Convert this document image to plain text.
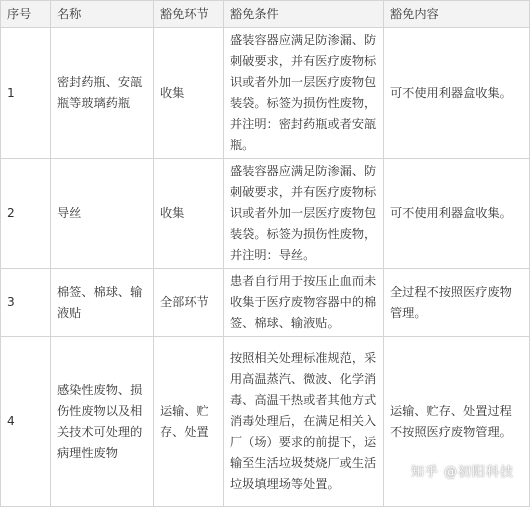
序号	名称	豁免环节	豁免条件	豁免内容
1	密封药瓶、安瓿瓶等玻璃药瓶	收集	盛装容器应满足防渗漏、防刺破要求，并有医疗废物标识或者外加一层医疗废物包装袋。标签为损伤性废物，并注明：密封药瓶或者安瓿瓶。	可不使用利器盒收集。
2	导丝	收集	盛装容器应满足防渗漏、防刺破要求，并有医疗废物标识或者外加一层医疗废物包装袋。标签为损伤性废物，并注明：导丝。	可不使用利器盒收集。
3	棉签、棉球、输液贴	全部环节	患者自行用于按压止血而未收集于医疗废物容器中的棉签、棉球、输液贴。	全过程不按照医疗废物管理。
4	感染性废物、损伤性废物以及相关技术可处理的病理性废物	运输、贮存、处置	按照相关处理标准规范，采用高温蒸汽、微波、化学消毒、高温干热或者其他方式消毒处理后，在满足相关入厂（场）要求的前提下，运输至生活垃圾焚烧厂或生活垃圾填埋场等处置。	运输、贮存、处置过程不按照医疗废物管理。
知乎 @初阳科技
